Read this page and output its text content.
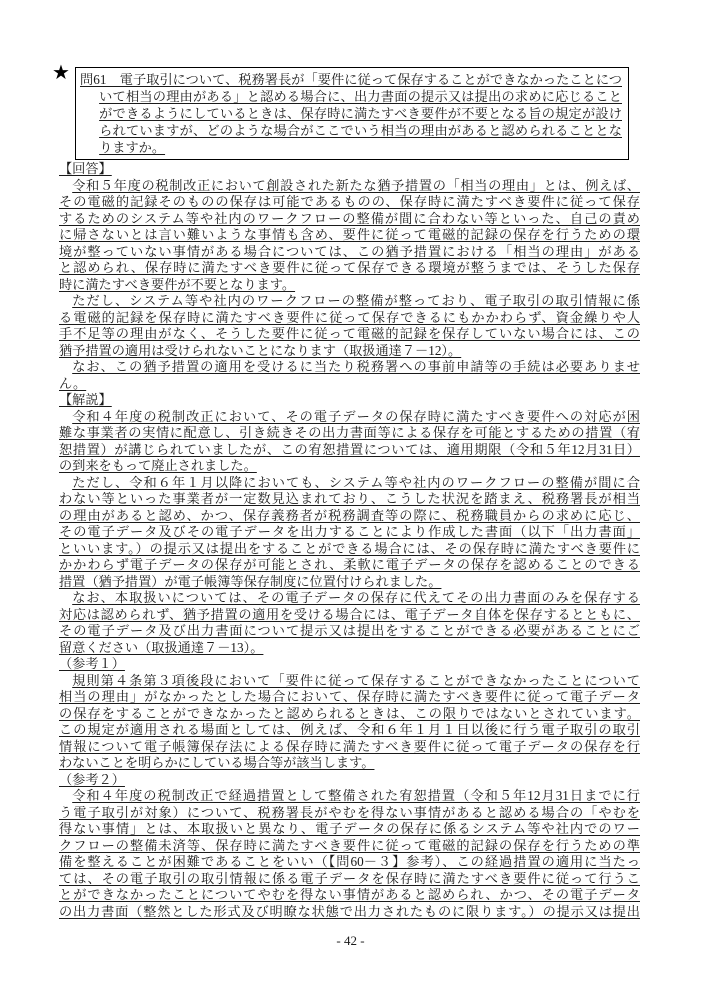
★ 問61　電子取引について、税務署長が「要件に従って保存することができなかったことにつ
いて相当の理由がある」と認める場合に、出力書面の提示又は提出の求めに応じること
ができるようにしているときは、保存時に満たすべき要件が不要となる旨の規定が設け
られていますが、どのような場合がここでいう相当の理由があると認められることとな
りますか。
【回答】
令和５年度の税制改正において創設された新たな猶予措置の「相当の理由」とは、例えば、
その電磁的記録そのものの保存は可能であるものの、保存時に満たすべき要件に従って保存
するためのシステム等や社内のワークフローの整備が間に合わない等といった、自己の責め
に帰さないとは言い難いような事情も含め、要件に従って電磁的記録の保存を行うための環
境が整っていない事情がある場合については、この猶予措置における「相当の理由」がある
と認められ、保存時に満たすべき要件に従って保存できる環境が整うまでは、そうした保存
時に満たすべき要件が不要となります。
ただし、システム等や社内のワークフローの整備が整っており、電子取引の取引情報に係
る電磁的記録を保存時に満たすべき要件に従って保存できるにもかかわらず、資金繰りや人
手不足等の理由がなく、そうした要件に従って電磁的記録を保存していない場合には、この
猶予措置の適用は受けられないことになります（取扱通達７－12）。
なお、この猶予措置の適用を受けるに当たり税務署への事前申請等の手続は必要ありませ
ん。
【解説】
令和４年度の税制改正において、その電子データの保存時に満たすべき要件への対応が困
難な事業者の実情に配意し、引き続きその出力書面等による保存を可能とするための措置（宥
恕措置）が講じられていましたが、この宥恕措置については、適用期限（令和５年12月31日）
の到来をもって廃止されました。
ただし、令和６年１月以降においても、システム等や社内のワークフローの整備が間に合
わない等といった事業者が一定数見込まれており、こうした状況を踏まえ、税務署長が相当
の理由があると認め、かつ、保存義務者が税務調査等の際に、税務職員からの求めに応じ、
その電子データ及びその電子データを出力することにより作成した書面（以下「出力書面」
といいます。）の提示又は提出をすることができる場合には、その保存時に満たすべき要件に
かかわらず電子データの保存が可能とされ、柔軟に電子データの保存を認めることのできる
措置（猶予措置）が電子帳簿等保存制度に位置付けられました。
なお、本取扱いについては、その電子データの保存に代えてその出力書面のみを保存する
対応は認められず、猶予措置の適用を受ける場合には、電子データ自体を保存するとともに、
その電子データ及び出力書面について提示又は提出をすることができる必要があることにご
留意ください（取扱通達７－13）。
（参考１）
規則第４条第３項後段において「要件に従って保存することができなかったことについて
相当の理由」がなかったとした場合において、保存時に満たすべき要件に従って電子データ
の保存をすることができなかったと認められるときは、この限りではないとされています。
この規定が適用される場面としては、例えば、令和６年１月１日以後に行う電子取引の取引
情報について電子帳簿保存法による保存時に満たすべき要件に従って電子データの保存を行
わないことを明らかにしている場合等が該当します。
（参考２）
令和４年度の税制改正で経過措置として整備された宥恕措置（令和５年12月31日までに行
う電子取引が対象）について、税務署長がやむを得ない事情があると認める場合の「やむを
得ない事情」とは、本取扱いと異なり、電子データの保存に係るシステム等や社内でのワー
クフローの整備未済等、保存時に満たすべき要件に従って電磁的記録の保存を行うための準
備を整えることが困難であることをいい（【問60－３】参考）、この経過措置の適用に当たっ
ては、その電子取引の取引情報に係る電子データを保存時に満たすべき要件に従って行うこ
とができなかったことについてやむを得ない事情があると認められ、かつ、その電子データ
の出力書面（整然とした形式及び明瞭な状態で出力されたものに限ります。）の提示又は提出
- 42 -
